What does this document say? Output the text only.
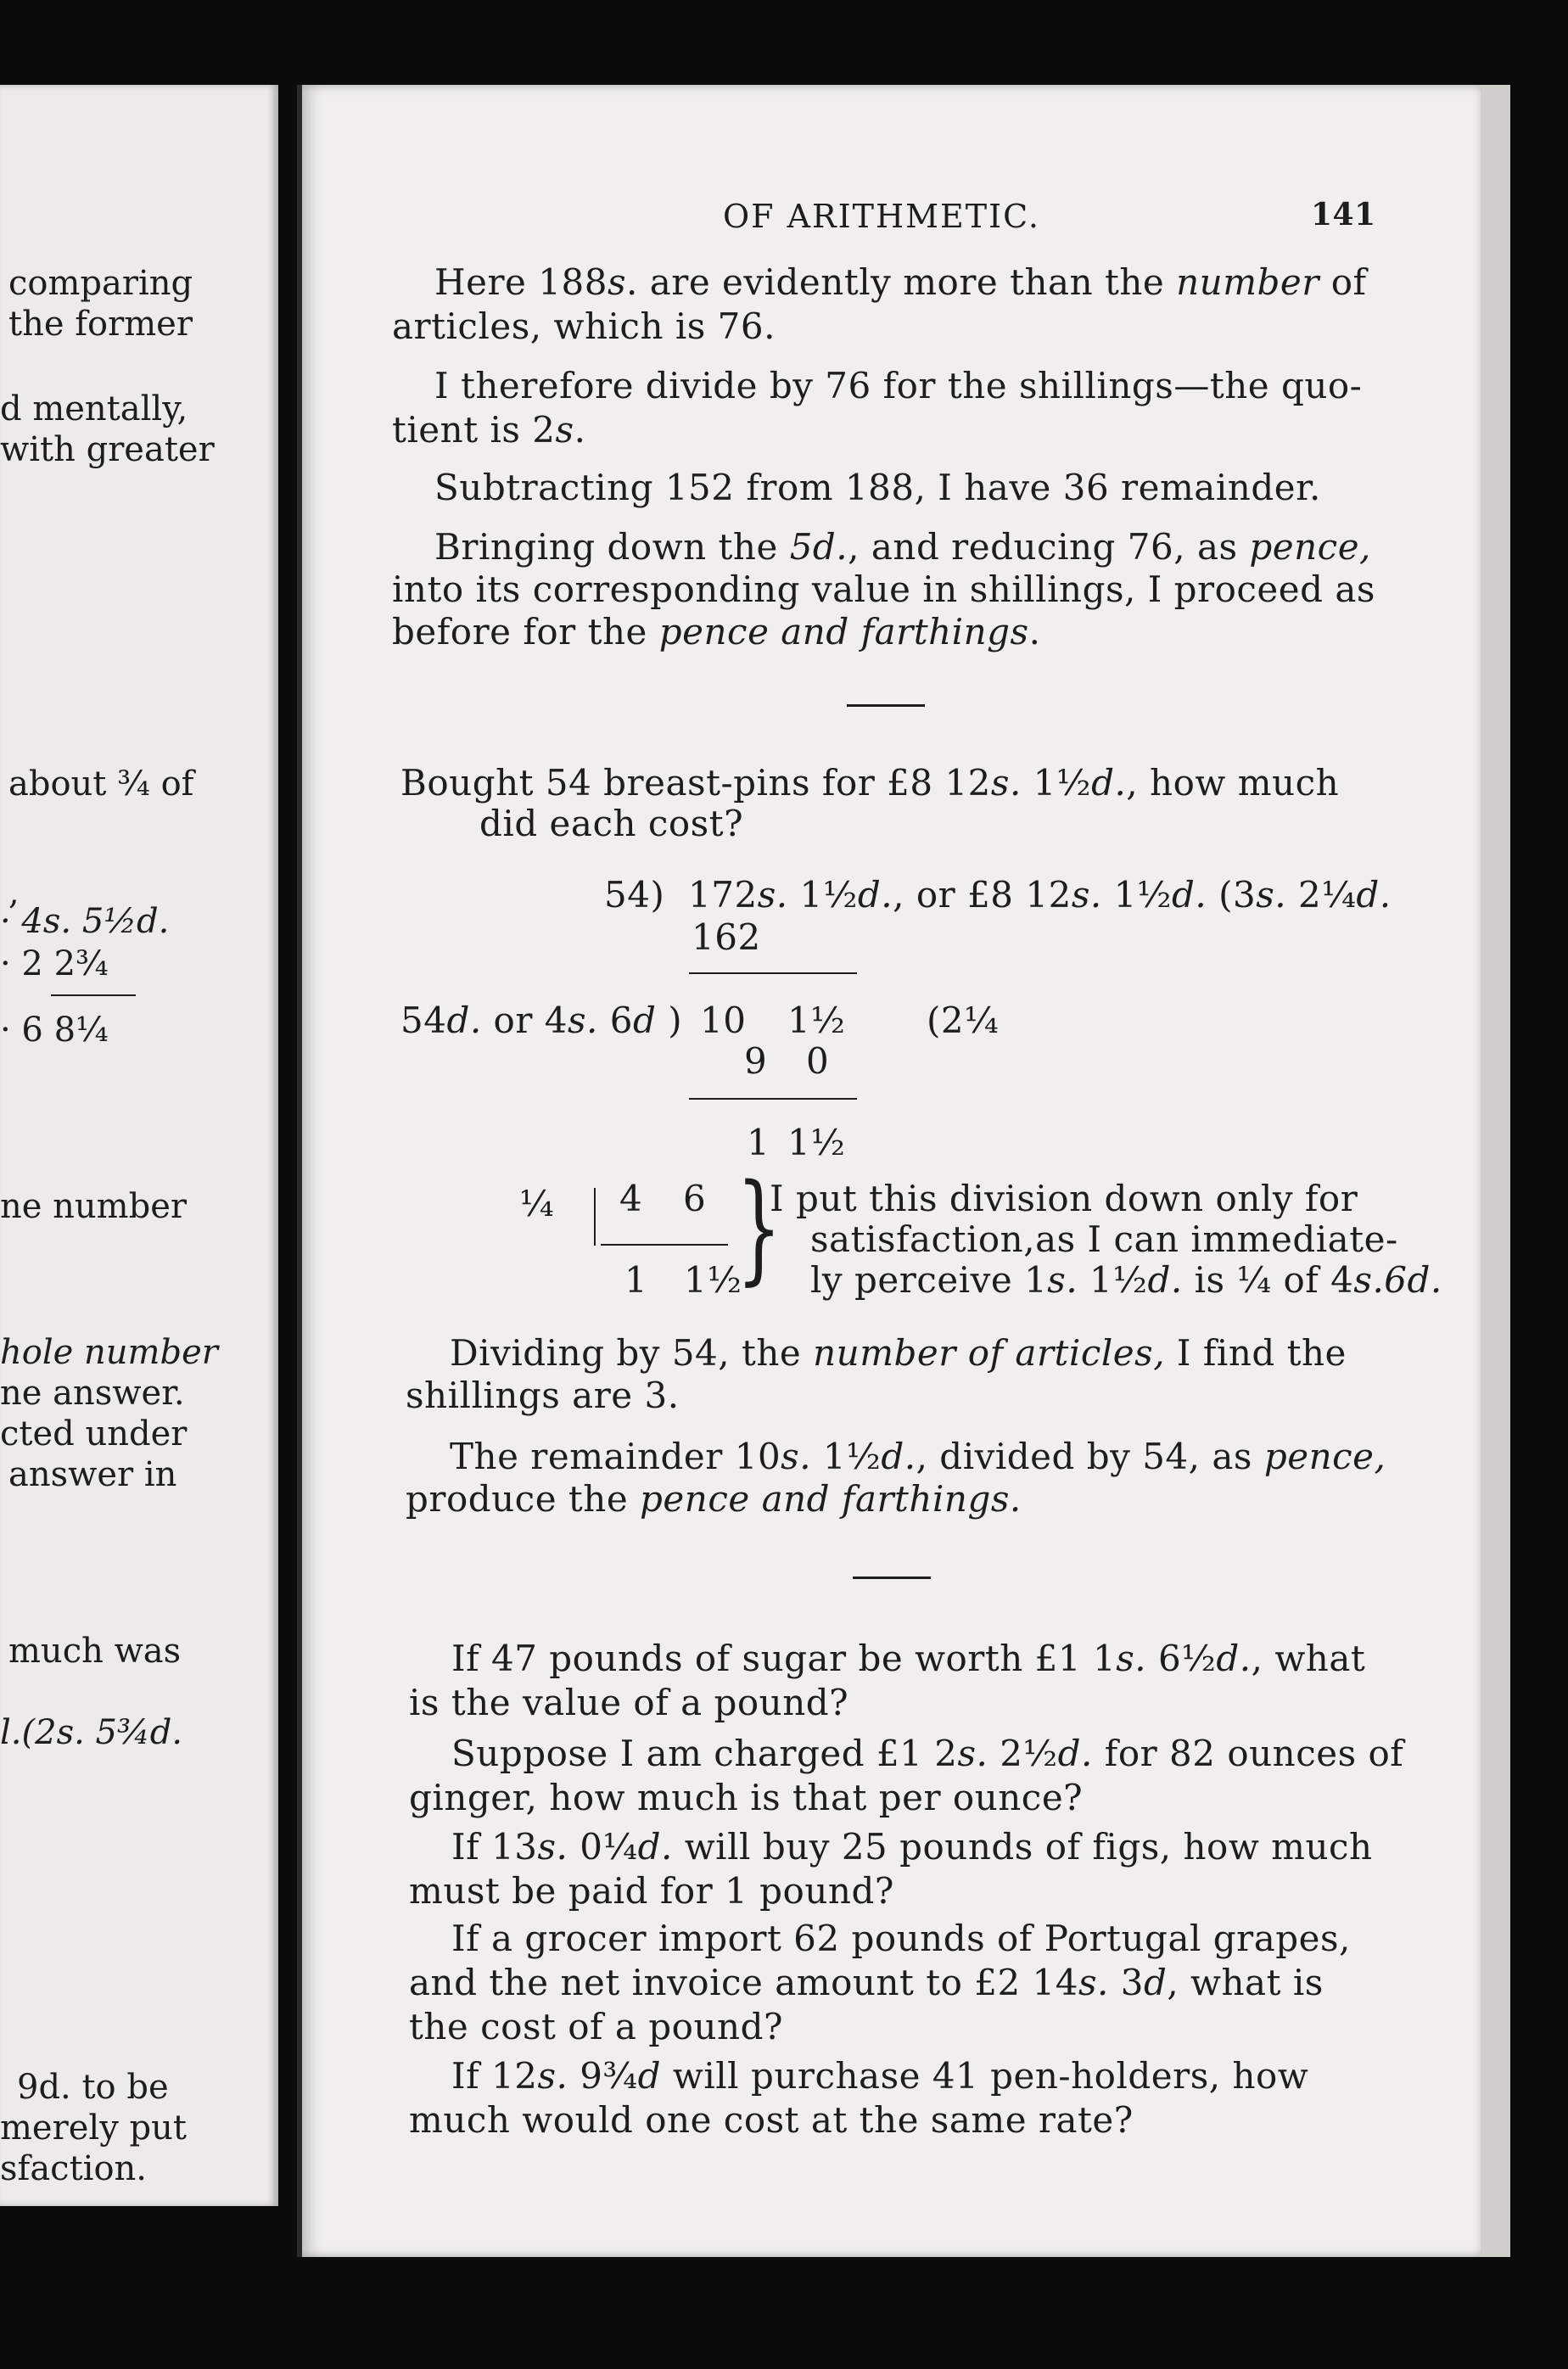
comparing
the former
d mentally,
with greater
about ¾ of
,
· 4s. 5½d.
· 2 2¾
· 6 8¼
ne number
hole number
ne answer.
cted under
answer in
much was
l.(2s. 5¾d.
9d. to be
merely put
sfaction.
OF ARITHMETIC.	141
Here 188s. are evidently more than the number of
articles, which is 76.
I therefore divide by 76 for the shillings—the quo-
tient is 2s.
Subtracting 152 from 188, I have 36 remainder.
Bringing down the 5d., and reducing 76, as pence,
into its corresponding value in shillings, I proceed as
before for the pence and farthings.
Bought 54 breast-pins for £8 12s. 1½d., how much
did each cost?
54) 172s. 1½d., or £8 12s. 1½d. (3s. 2¼d.
162
54d. or 4s. 6d ) 10 1½ (2¼
9 0
1 1½
¼ 4 6
1 1½
}
I put this division down only for
satisfaction,as I can immediate-
ly perceive 1s. 1½d. is ¼ of 4s.6d.
Dividing by 54, the number of articles, I find the
shillings are 3.
The remainder 10s. 1½d., divided by 54, as pence,
produce the pence and farthings.
If 47 pounds of sugar be worth £1 1s. 6½d., what
is the value of a pound?
Suppose I am charged £1 2s. 2½d. for 82 ounces of
ginger, how much is that per ounce?
If 13s. 0¼d. will buy 25 pounds of figs, how much
must be paid for 1 pound?
If a grocer import 62 pounds of Portugal grapes,
and the net invoice amount to £2 14s. 3d, what is
the cost of a pound?
If 12s. 9¾d will purchase 41 pen-holders, how
much would one cost at the same rate?
